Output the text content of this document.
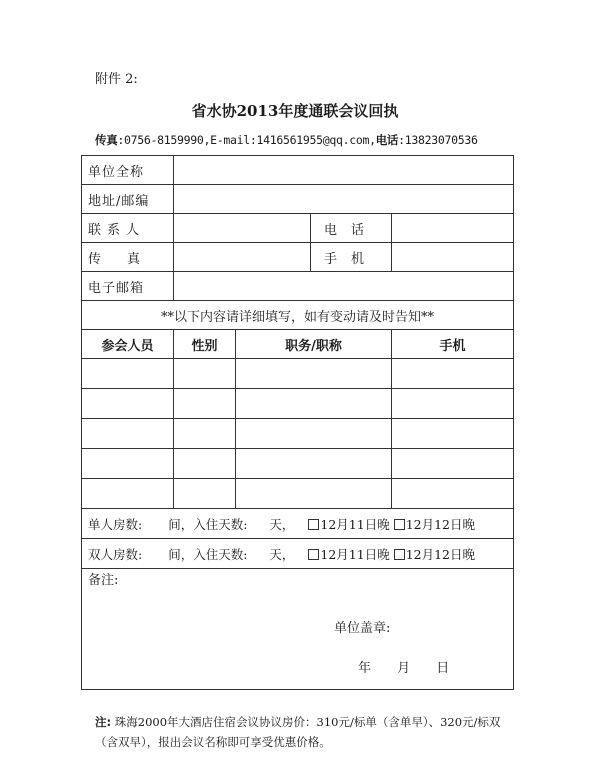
附件 2:
省水协2013年度通联会议回执
传真:0756-8159990,E-mail:1416561955@qq.com,电话:13823070536
单位全称				
地址/邮编				
联系人			电话	
传真			手机	
电子邮箱				
**以下内容请详细填写，如有变动请及时告知**				
参会人员	性别	职务/职称		手机

单人房数: 间，入住天数: 天， 12月11日晚 12月12日晚				
双人房数: 间，入住天数: 天， 12月11日晚 12月12日晚				
备注:
单位盖章:
年 月 日				
注: 珠海2000年大酒店住宿会议协议房价：310元/标单（含单早）、320元/标双（含双早），报出会议名称即可享受优惠价格。
